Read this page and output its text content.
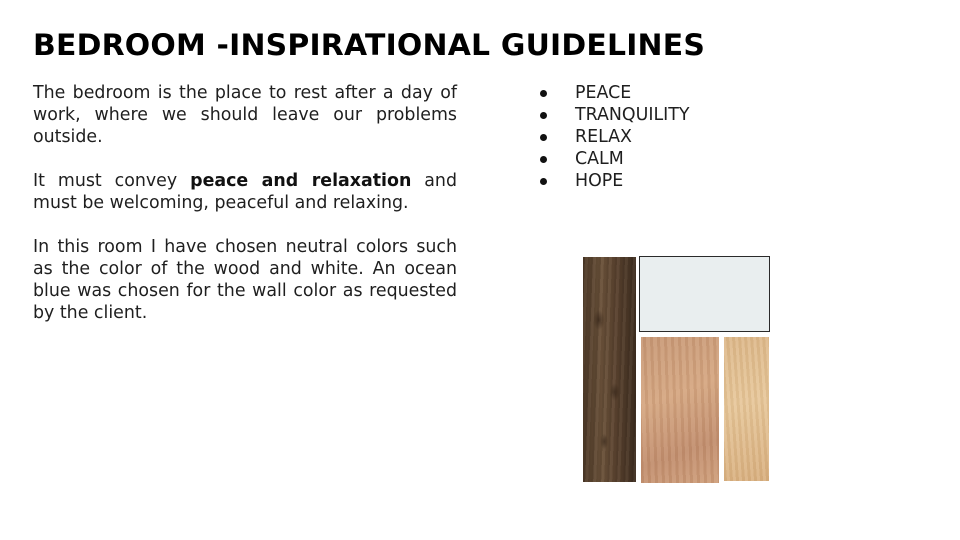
BEDROOM -INSPIRATIONAL GUIDELINES

The bedroom is the place to rest after a day of work, where we should leave our problems outside.

It must convey peace and relaxation and must be welcoming, peaceful and relaxing.

In this room I have chosen neutral colors such as the color of the wood and white. An ocean blue was chosen for the wall color as requested by the client.

PEACE
TRANQUILITY
RELAX
CALM
HOPE
